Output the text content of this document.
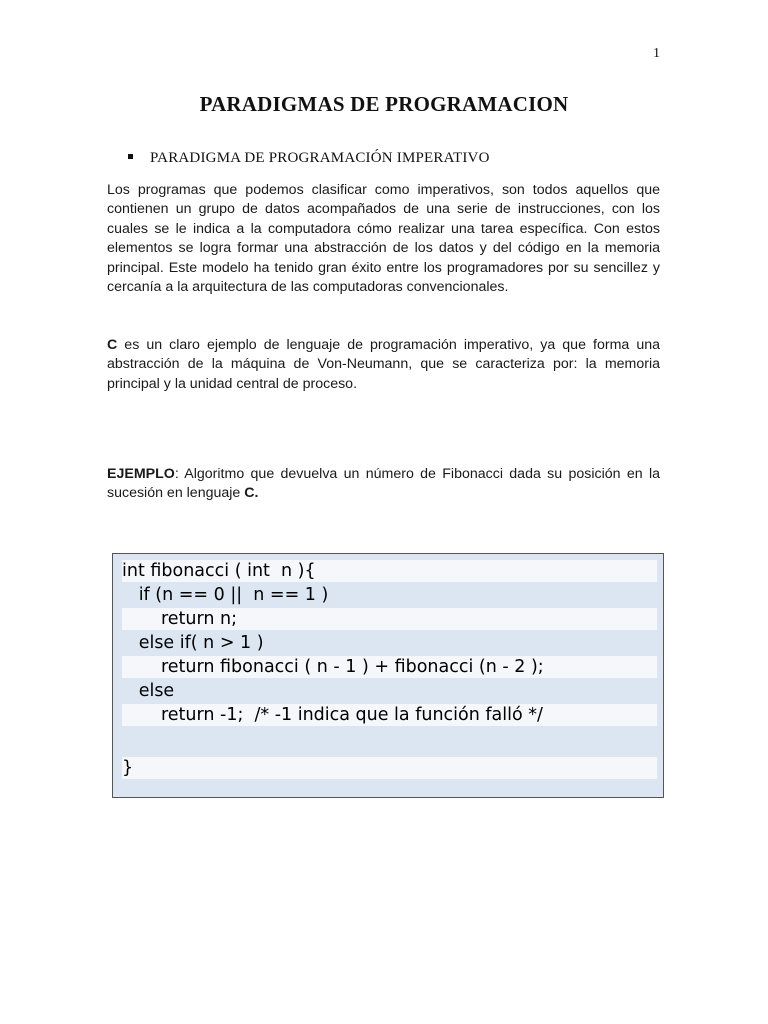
1
PARADIGMAS DE PROGRAMACION
PARADIGMA DE PROGRAMACIÓN IMPERATIVO

Los programas que podemos clasificar como imperativos, son todos aquellos que contienen un grupo de datos acompañados de una serie de instrucciones, con los cuales se le indica a la computadora cómo realizar una tarea específica. Con estos elementos se logra formar una abstracción de los datos y del código en la memoria principal. Este modelo ha tenido gran éxito entre los programadores por su sencillez y cercanía a la arquitectura de las computadoras convencionales.

C es un claro ejemplo de lenguaje de programación imperativo, ya que forma una abstracción de la máquina de Von-Neumann, que se caracteriza por: la memoria principal y la unidad central de proceso.

EJEMPLO: Algoritmo que devuelva un número de Fibonacci dada su posición en la sucesión en lenguaje C.

int fibonacci ( int  n ){
if (n == 0 ||  n == 1 )
return n;
else if( n > 1 )
return fibonacci ( n - 1 ) + fibonacci (n - 2 );
else
return -1;  /* -1 indica que la función falló */
}
